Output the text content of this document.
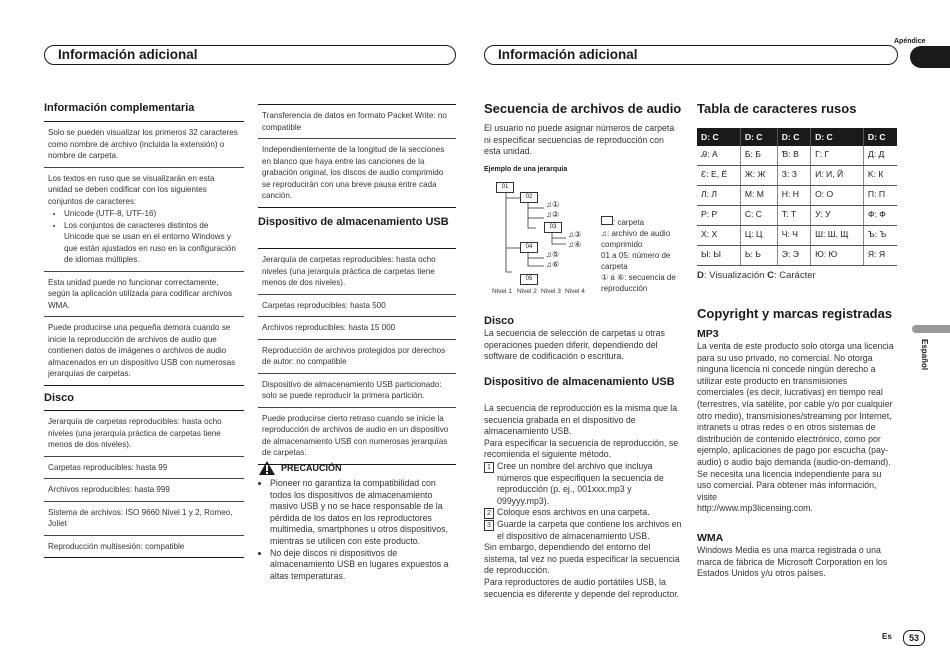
Apéndice
Información adicional	Información adicional
Información complementaria
Solo se pueden visualizar los primeros 32 caracteres como nombre de archivo (incluida la extensión) o nombre de carpeta.
Los textos en ruso que se visualizarán en esta unidad se deben codificar con los siguientes conjuntos de caracteres:
• Unicode (UTF-8, UTF-16)
• Los conjuntos de caracteres distintos de Unicode que se usan en el entorno Windows y que están ajustados en ruso en la configuración de idiomas múltiples.

Esta unidad puede no funcionar correctamente, según la aplicación utilizada para codificar archivos WMA.
Puede producirse una pequeña demora cuando se inicie la reproducción de archivos de audio que contienen datos de imágenes o archivos de audio almacenados en un dispositivo USB con numerosas jerarquías de carpetas.
Disco
Jerarquía de carpetas reproducibles: hasta ocho niveles (una jerarquía práctica de carpetas tiene menos de dos niveles).
Carpetas reproducibles: hasta 99
Archivos reproducibles: hasta 999
Sistema de archivos: ISO 9660 Nivel 1 y 2, Romeo, Joliet
Reproducción multisesión: compatible
Transferencia de datos en formato Packet Write: no compatible
Independientemente de la longitud de la secciones en blanco que haya entre las canciones de la grabación original, los discos de audio comprimido se reproducirán con una breve pausa entre cada canción.
Dispositivo de almacenamiento USB
Jerarquía de carpetas reproducibles: hasta ocho niveles (una jerarquía práctica de carpetas tiene menos de dos niveles).
Carpetas reproducibles: hasta 500
Archivos reproducibles: hasta 15 000
Reproducción de archivos protegidos por derechos de autor: no compatible
Dispositivo de almacenamiento USB particionado: solo se puede reproducir la primera partición.
Puede producirse cierto retraso cuando se inicie la reproducción de archivos de audio en un dispositivo de almacenamiento USB con numerosas jerarquías de carpetas.
PRECAUCIÓN
• Pioneer no garantiza la compatibilidad con todos los dispositivos de almacenamiento masivo USB y no se hace responsable de la pérdida de los datos en los reproductores multimedia, smartphones u otros dispositivos, mientras se utilicen con este producto.
• No deje discos ni dispositivos de almacenamiento USB en lugares expuestos a altas temperaturas.
Secuencia de archivos de audio
El usuario no puede asignar números de carpeta ni especificar secuencias de reproducción con esta unidad.
Ejemplo de una jerarquía
01
02
03
04
05
♫①
♫②
♫③
♫④
♫⑤
♫⑥
Nivel 1 Nivel 2 Nivel 3 Nivel 4
: carpeta
♫: archivo de audio comprimido
01 a 05: número de carpeta
① a ⑥: secuencia de reproducción
Disco
La secuencia de selección de carpetas u otras operaciones pueden diferir, dependiendo del software de codificación o escritura.
Dispositivo de almacenamiento USB
La secuencia de reproducción es la misma que la secuencia grabada en el dispositivo de almacenamiento USB.
Para especificar la secuencia de reproducción, se recomienda el siguiente método.
1 Cree un nombre del archivo que incluya números que especifiquen la secuencia de reproducción (p. ej., 001xxx.mp3 y 099yyy.mp3).
2 Coloque esos archivos en una carpeta.
3 Guarde la carpeta que contiene los archivos en el dispositivo de almacenamiento USB.
Sin embargo, dependiendo del entorno del sistema, tal vez no pueda especificar la secuencia de reproducción.
Para reproductores de audio portátiles USB, la secuencia es diferente y depende del reproductor.
Tabla de caracteres rusos
D: C	D: C	D: C	D: C	D: C
Ꭿ: А	Б: Б	Ɓ: В	Г: Г	Д: Д
Ɛ: Е, Ё	Ж: Ж	З: З	И: И, Й	K: К
Л: Л	M: М	H: Н	О: О	П: П
P: Р	С: С	T: Т	У: У	Ф: Ф
X: Х	Ц: Ц	Ч: Ч	Ш: Ш, Щ	Ъ: Ъ
Ы: Ы	Ь: Ь	Э: Э	Ю: Ю	Я: Я
D: Visualización C: Carácter
Copyright y marcas registradas
MP3
La venta de este producto solo otorga una licencia para su uso privado, no comercial. No otorga ninguna licencia ni concede ningún derecho a utilizar este producto en transmisiones comerciales (es decir, lucrativas) en tiempo real (terrestres, vía satélite, por cable y/o por cualquier otro medio), transmisiones/streaming por Internet, intranets u otras redes o en otros sistemas de distribución de contenido electrónico, como por ejemplo, aplicaciones de pago por escucha (pay-audio) o audio bajo demanda (audio-on-demand). Se necesita una licencia independiente para su uso comercial. Para obtener más información, visite
http://www.mp3licensing.com.
WMA
Windows Media es una marca registrada o una marca de fábrica de Microsoft Corporation en los Estados Unidos y/u otros países.
Español
Es	53
